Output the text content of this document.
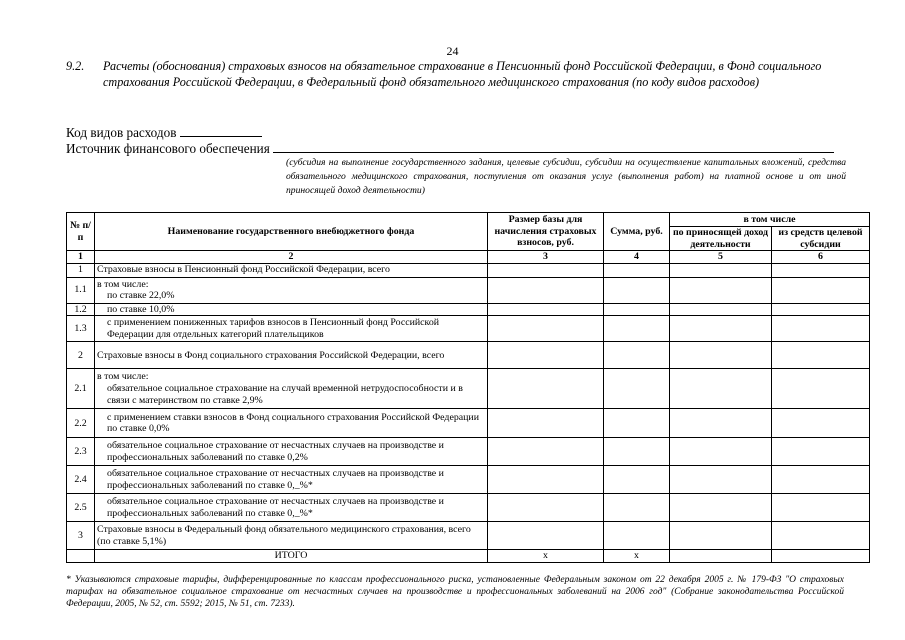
24
9.2. Расчеты (обоснования) страховых взносов на обязательное страхование в Пенсионный фонд Российской Федерации, в Фонд социального страхования Российской Федерации, в Федеральный фонд обязательного медицинского страхования (по коду видов расходов)
Код видов расходов
Источник финансового обеспечения
(субсидия на выполнение государственного задания, целевые субсидии, субсидии на осуществление капитальных вложений, средства обязательного медицинского страхования, поступления от оказания услуг (выполнения работ) на платной основе и от иной приносящей доход деятельности)
№ п/п	Наименование государственного внебюджетного фонда	Размер базы для начисления страховых взносов, руб.	Сумма, руб.	в том числе	
				по приносящей доход деятельности	из средств целевой субсидии
1	2	3	4	5	6
1	Страховые взносы в Пенсионный фонд Российской Федерации, всего				

1.1	в том числе:
по ставке 22,0%				

1.2	по ставке 10,0%				

1.3	с применением пониженных тарифов взносов в Пенсионный фонд Российской Федерации для отдельных категорий плательщиков				

2	Страховые взносы в Фонд социального страхования Российской Федерации, всего				

2.1	в том числе:
обязательное социальное страхование на случай временной нетрудоспособности и в связи с материнством по ставке 2,9%				

2.2	с применением ставки взносов в Фонд социального страхования Российской Федерации по ставке 0,0%				

2.3	обязательное социальное страхование от несчастных случаев на производстве и профессиональных заболеваний по ставке 0,2%				

2.4	обязательное социальное страхование от несчастных случаев на производстве и профессиональных заболеваний по ставке 0,_%*				

2.5	обязательное социальное страхование от несчастных случаев на производстве и профессиональных заболеваний по ставке 0,_%*				

3	Страховые взносы в Федеральный фонд обязательного медицинского страхования, всего (по ставке 5,1%)				

	ИТОГО	x	x		
* Указываются страховые тарифы, дифференцированные по классам профессионального риска, установленные Федеральным законом от 22 декабря 2005 г. № 179-ФЗ "О страховых тарифах на обязательное социальное страхование от несчастных случаев на производстве и профессиональных заболеваний на 2006 год" (Собрание законодательства Российской Федерации, 2005, № 52, ст. 5592; 2015, № 51, ст. 7233).
